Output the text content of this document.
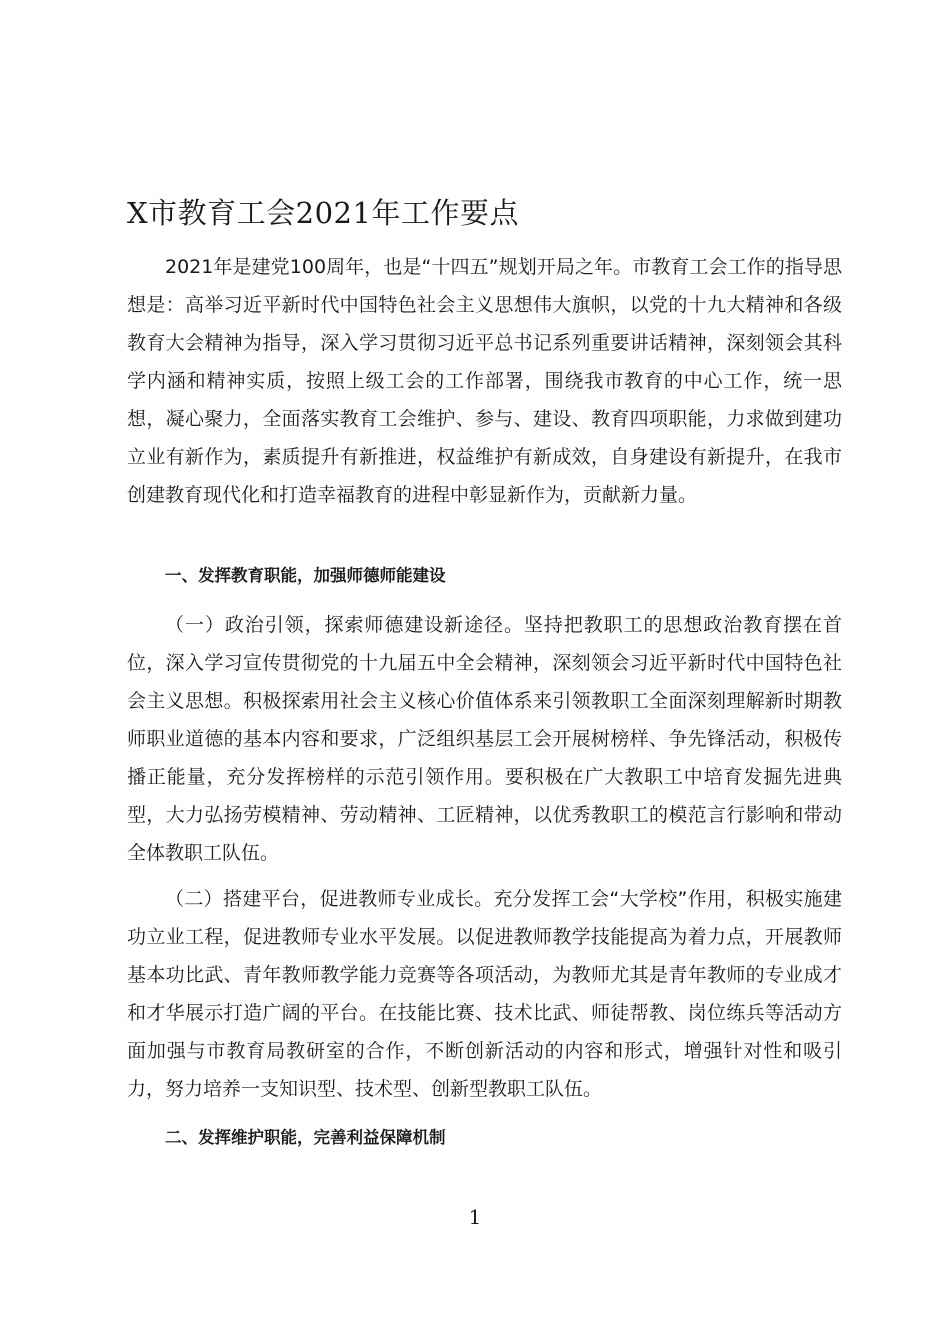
X市教育工会2021年工作要点

2021年是建党100周年，也是“十四五”规划开局之年。市教育工会工作的指导思想是：高举习近平新时代中国特色社会主义思想伟大旗帜，以党的十九大精神和各级教育大会精神为指导，深入学习贯彻习近平总书记系列重要讲话精神，深刻领会其科学内涵和精神实质，按照上级工会的工作部署，围绕我市教育的中心工作，统一思想，凝心聚力，全面落实教育工会维护、参与、建设、教育四项职能，力求做到建功立业有新作为，素质提升有新推进，权益维护有新成效，自身建设有新提升，在我市创建教育现代化和打造幸福教育的进程中彰显新作为，贡献新力量。

一、发挥教育职能，加强师德师能建设

（一）政治引领，探索师德建设新途径。坚持把教职工的思想政治教育摆在首位，深入学习宣传贯彻党的十九届五中全会精神，深刻领会习近平新时代中国特色社会主义思想。积极探索用社会主义核心价值体系来引领教职工全面深刻理解新时期教师职业道德的基本内容和要求，广泛组织基层工会开展树榜样、争先锋活动，积极传播正能量，充分发挥榜样的示范引领作用。要积极在广大教职工中培育发掘先进典型，大力弘扬劳模精神、劳动精神、工匠精神，以优秀教职工的模范言行影响和带动全体教职工队伍。

（二）搭建平台，促进教师专业成长。充分发挥工会“大学校”作用，积极实施建功立业工程，促进教师专业水平发展。以促进教师教学技能提高为着力点，开展教师基本功比武、青年教师教学能力竞赛等各项活动，为教师尤其是青年教师的专业成才和才华展示打造广阔的平台。在技能比赛、技术比武、师徒帮教、岗位练兵等活动方面加强与市教育局教研室的合作，不断创新活动的内容和形式，增强针对性和吸引力，努力培养一支知识型、技术型、创新型教职工队伍。

二、发挥维护职能，完善利益保障机制
1
